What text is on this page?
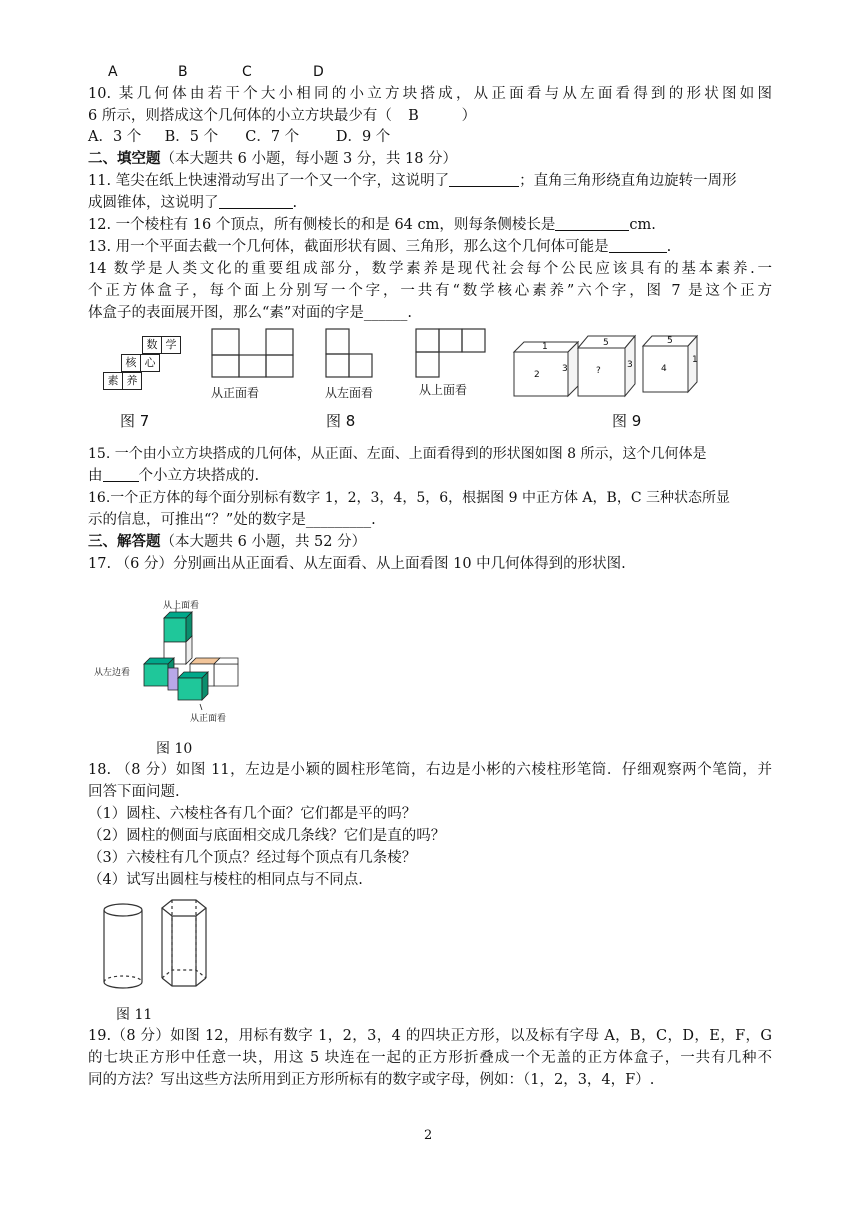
A	B	C	D
10. 某几何体由若干个大小相同的小立方块搭成，从正面看与从左面看得到的形状图如图
6 所示，则搭成这个几何体的小立方块最少有（ B	）
A．3 个 B．5 个 C．7 个	D．9 个
二、填空题（本大题共 6 小题，每小题 3 分，共 18 分）
11. 笔尖在纸上快速滑动写出了一个又一个字，这说明了	；直角三角形绕直角边旋转一周形
成圆锥体，这说明了	.
12. 一个棱柱有 16 个顶点，所有侧棱长的和是 64 cm，则每条侧棱长是	cm.
13. 用一个平面去截一个几何体，截面形状有圆、三角形，那么这个几何体可能是	.
14 数学是人类文化的重要组成部分，数学素养是现代社会每个公民应该具有的基本素养.一
个正方体盒子，每个面上分别写一个字，一共有“数学核心素养”六个字，图 7 是这个正方
体盒子的表面展开图，那么“素”对面的字是______.
数 学
核 心
素 养
图 7
从正面看	从左面看	从上面看
图 8
1
2
3
5
?
3
5
4
1
图 9
15. 一个由小立方块搭成的几何体，从正面、左面、上面看得到的形状图如图 8 所示，这个几何体是
由 个小立方块搭成的.
16.一个正方体的每个面分别标有数字 1，2，3，4，5，6，根据图 9 中正方体 A，B，C 三种状态所显
示的信息，可推出“？”处的数字是_________.
三、解答题（本大题共 6 小题，共 52 分）
17. （6 分）分别画出从正面看、从左面看、从上面看图 10 中几何体得到的形状图.
从上面看
从左边看
从正面看
图 10
18. （8 分）如图 11，左边是小颖的圆柱形笔筒，右边是小彬的六棱柱形笔筒．仔细观察两个笔筒，并
回答下面问题.
（1）圆柱、六棱柱各有几个面？它们都是平的吗？
（2）圆柱的侧面与底面相交成几条线？它们是直的吗？
（3）六棱柱有几个顶点？经过每个顶点有几条棱？
（4）试写出圆柱与棱柱的相同点与不同点.
图 11
19.（8 分）如图 12，用标有数字 1，2，3，4 的四块正方形，以及标有字母 A，B，C，D，E，F，G
的七块正方形中任意一块，用这 5 块连在一起的正方形折叠成一个无盖的正方体盒子，一共有几种不
同的方法？写出这些方法所用到正方形所标有的数字或字母，例如：（1，2，3，4，F）.
2
